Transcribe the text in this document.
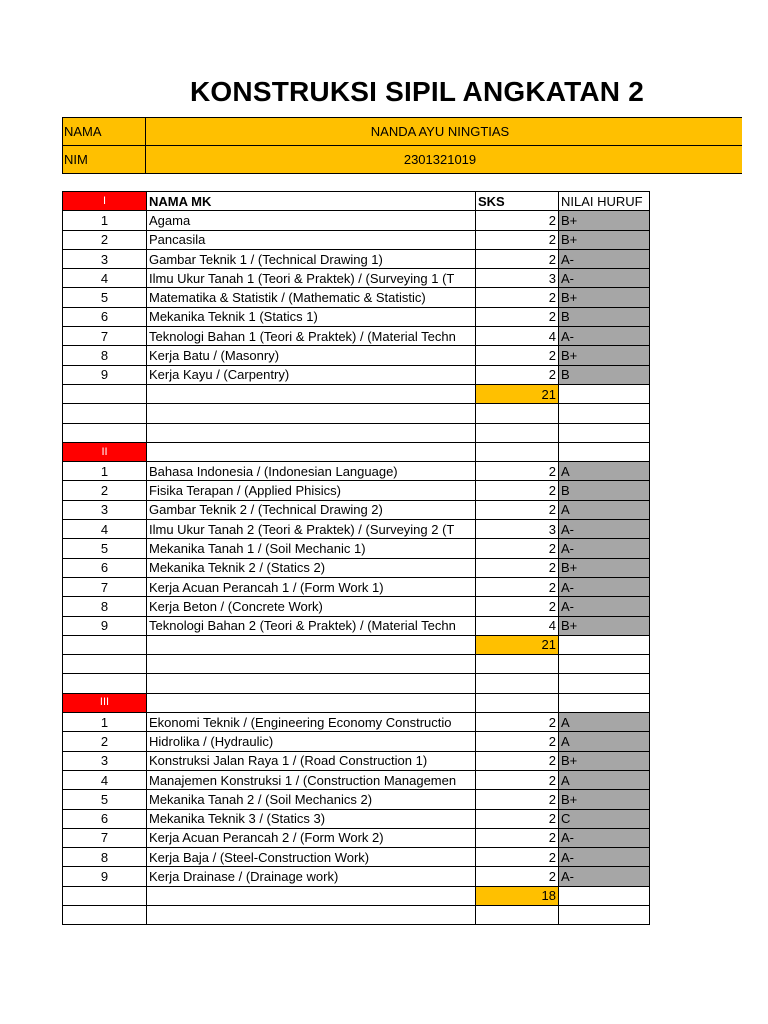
KONSTRUKSI SIPIL ANGKATAN 2
NAMA	NANDA AYU NINGTIAS
NIM	2301321019
I	NAMA MK	SKS	NILAI HURUF
1	Agama	2	B+
2	Pancasila	2	B+
3	Gambar Teknik 1 / (Technical Drawing 1)	2	A-
4	Ilmu Ukur Tanah 1 (Teori & Praktek) / (Surveying 1 (T	3	A-
5	Matematika & Statistik / (Mathematic & Statistic)	2	B+
6	Mekanika Teknik 1 (Statics 1)	2	B
7	Teknologi Bahan 1 (Teori & Praktek) / (Material Techn	4	A-
8	Kerja Batu / (Masonry)	2	B+
9	Kerja Kayu / (Carpentry)	2	B
		21	

II			
1	Bahasa Indonesia / (Indonesian Language)	2	A
2	Fisika Terapan / (Applied Phisics)	2	B
3	Gambar Teknik 2 / (Technical Drawing 2)	2	A
4	Ilmu Ukur Tanah 2 (Teori & Praktek) / (Surveying 2 (T	3	A-
5	Mekanika Tanah 1 / (Soil Mechanic 1)	2	A-
6	Mekanika Teknik 2 / (Statics 2)	2	B+
7	Kerja Acuan Perancah 1 / (Form Work 1)	2	A-
8	Kerja Beton / (Concrete Work)	2	A-
9	Teknologi Bahan 2 (Teori & Praktek) / (Material Techn	4	B+
		21	

III			
1	Ekonomi Teknik / (Engineering Economy Constructio	2	A
2	Hidrolika / (Hydraulic)	2	A
3	Konstruksi Jalan Raya 1 / (Road Construction 1)	2	B+
4	Manajemen Konstruksi 1 / (Construction Managemen	2	A
5	Mekanika Tanah 2 / (Soil Mechanics 2)	2	B+
6	Mekanika Teknik 3 / (Statics 3)	2	C
7	Kerja Acuan Perancah 2 / (Form Work 2)	2	A-
8	Kerja Baja / (Steel-Construction Work)	2	A-
9	Kerja Drainase / (Drainage work)	2	A-
		18	
